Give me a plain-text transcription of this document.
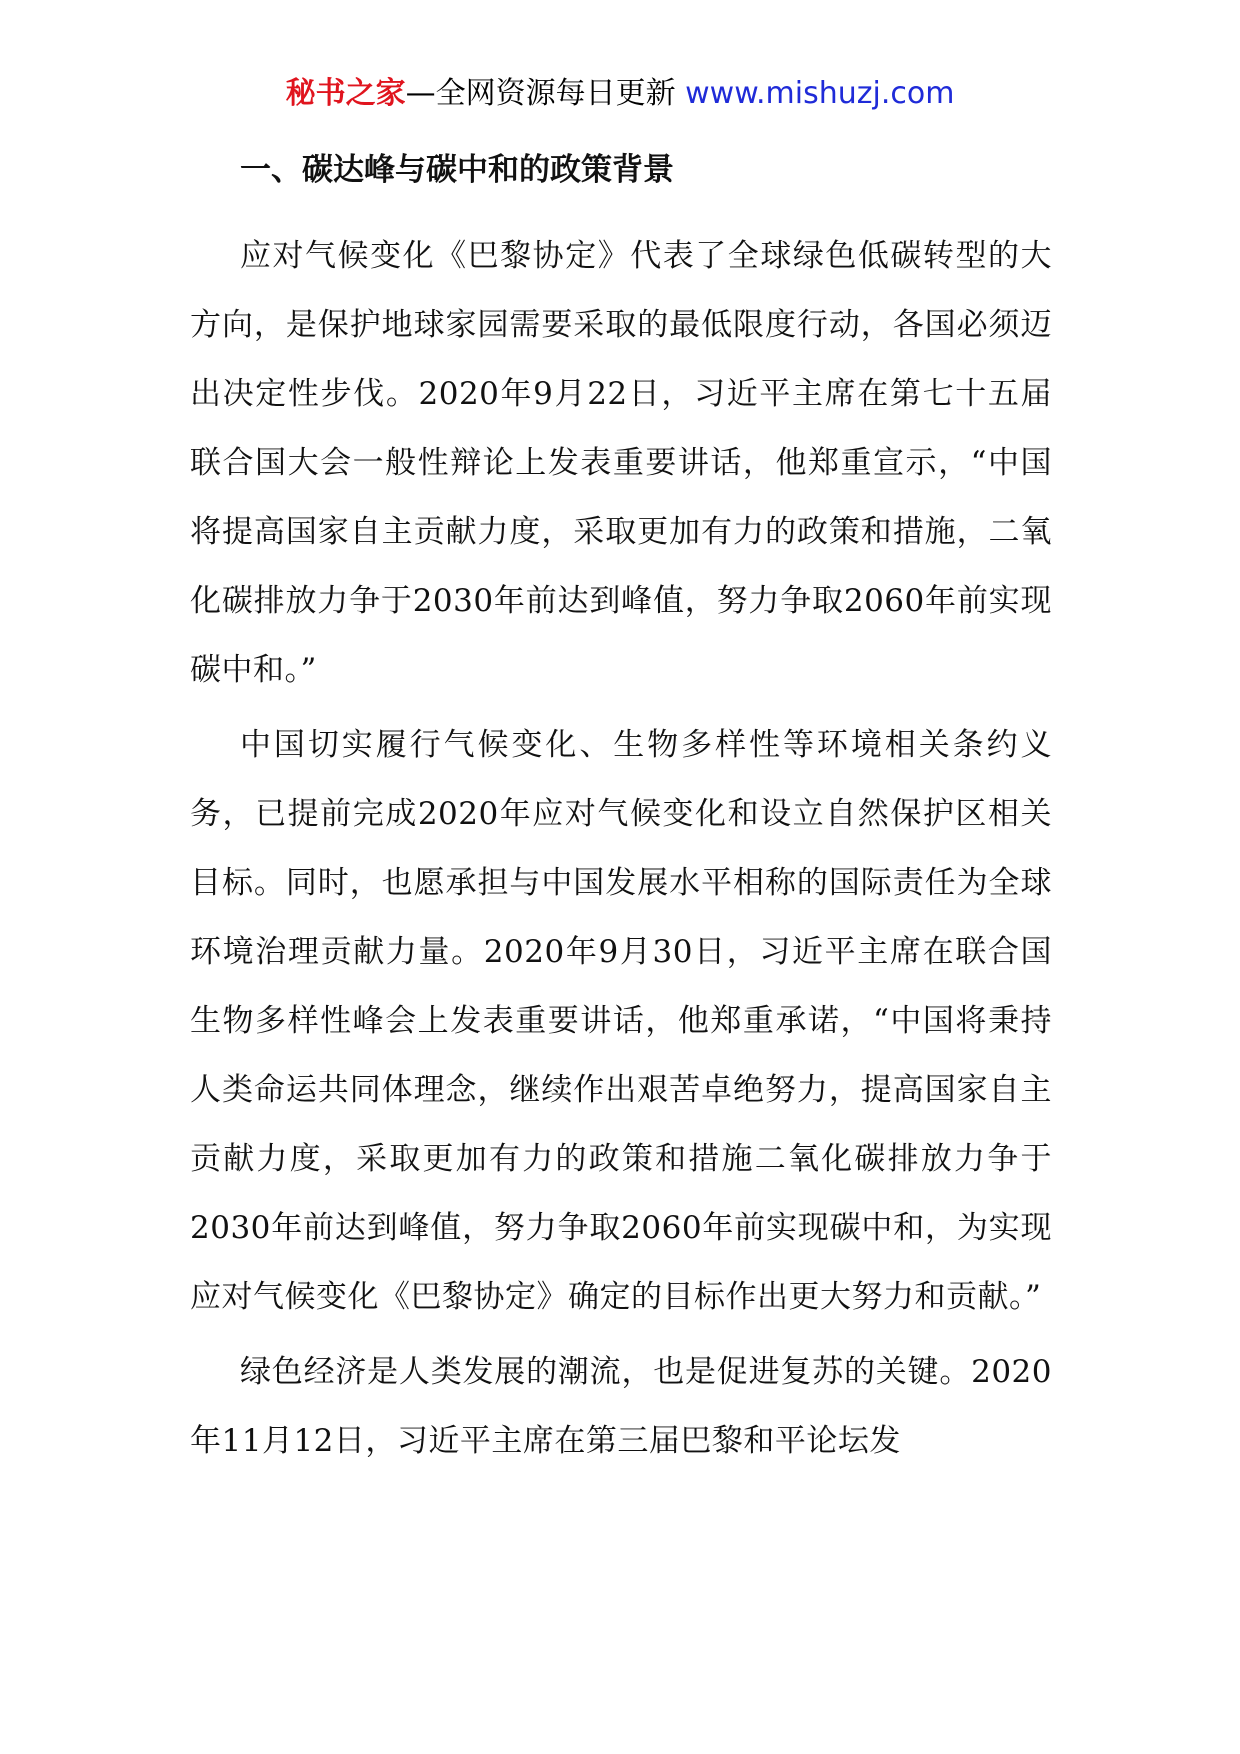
秘书之家—全网资源每日更新 www.mishuzj.com
一、碳达峰与碳中和的政策背景

应对气候变化《巴黎协定》代表了全球绿色低碳转型的大方向，是保护地球家园需要采取的最低限度行动，各国必须迈出决定性步伐。2020年9月22日，习近平主席在第七十五届联合国大会一般性辩论上发表重要讲话，他郑重宣示，“中国将提高国家自主贡献力度，采取更加有力的政策和措施，二氧化碳排放力争于2030年前达到峰值，努力争取2060年前实现碳中和。”

中国切实履行气候变化、生物多样性等环境相关条约义务，已提前完成2020年应对气候变化和设立自然保护区相关目标。同时，也愿承担与中国发展水平相称的国际责任为全球环境治理贡献力量。2020年9月30日，习近平主席在联合国生物多样性峰会上发表重要讲话，他郑重承诺，“中国将秉持人类命运共同体理念，继续作出艰苦卓绝努力，提高国家自主贡献力度，采取更加有力的政策和措施二氧化碳排放力争于2030年前达到峰值，努力争取2060年前实现碳中和，为实现应对气候变化《巴黎协定》确定的目标作出更大努力和贡献。”

绿色经济是人类发展的潮流，也是促进复苏的关键。2020年11月12日，习近平主席在第三届巴黎和平论坛发
